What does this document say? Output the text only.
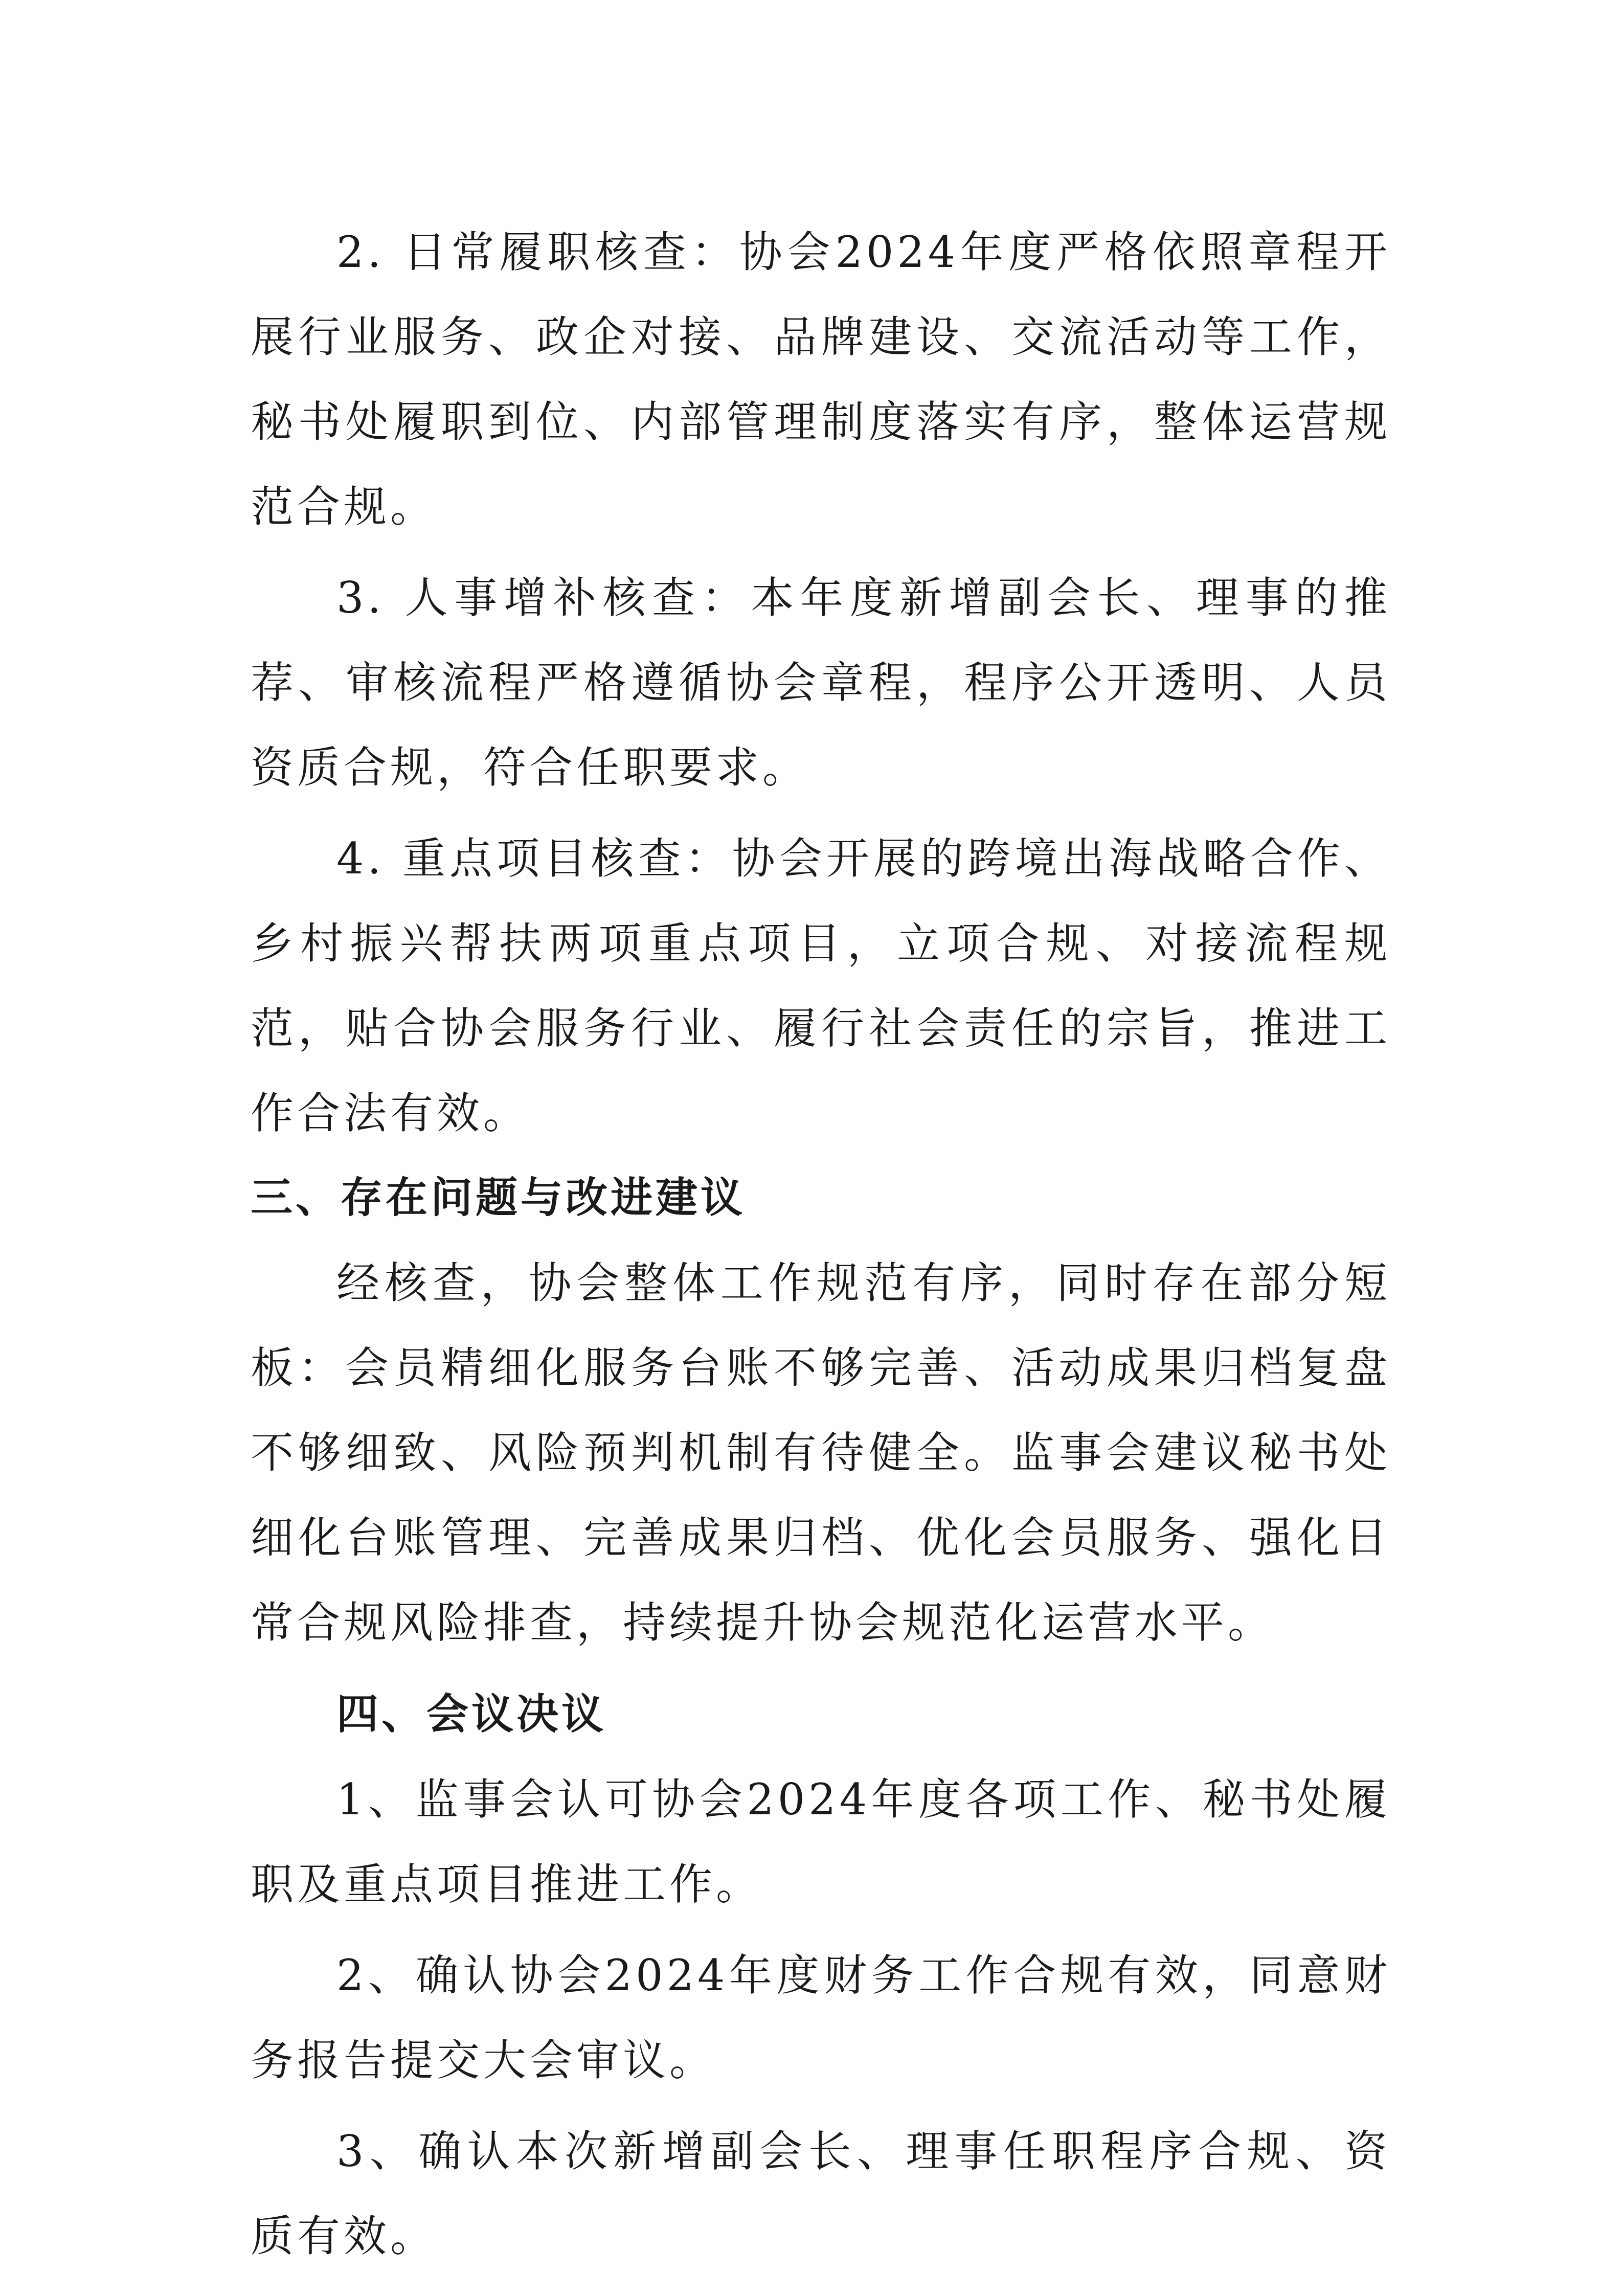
2. 日常履职核查：协会2024年度严格依照章程开展行业服务、政企对接、品牌建设、交流活动等工作，秘书处履职到位、内部管理制度落实有序，整体运营规范合规。

3. 人事增补核查：本年度新增副会长、理事的推荐、审核流程严格遵循协会章程，程序公开透明、人员资质合规，符合任职要求。

4. 重点项目核查：协会开展的跨境出海战略合作、乡村振兴帮扶两项重点项目，立项合规、对接流程规范，贴合协会服务行业、履行社会责任的宗旨，推进工作合法有效。

三、存在问题与改进建议

经核查，协会整体工作规范有序，同时存在部分短板：会员精细化服务台账不够完善、活动成果归档复盘不够细致、风险预判机制有待健全。监事会建议秘书处细化台账管理、完善成果归档、优化会员服务、强化日常合规风险排查，持续提升协会规范化运营水平。

四、会议决议

1、监事会认可协会2024年度各项工作、秘书处履职及重点项目推进工作。

2、确认协会2024年度财务工作合规有效，同意财务报告提交大会审议。

3、确认本次新增副会长、理事任职程序合规、资质有效。
